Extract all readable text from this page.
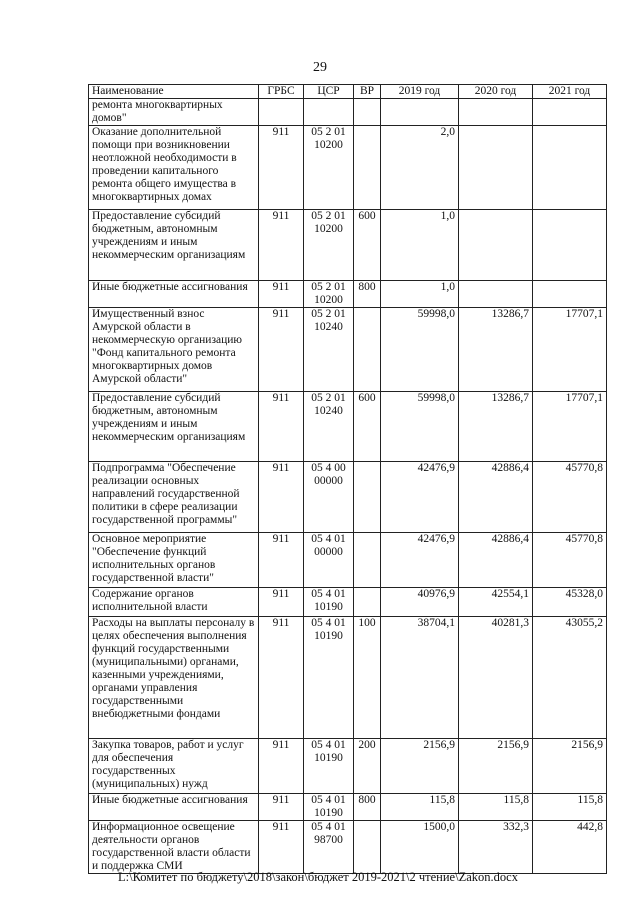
29
Наименование	ГРБС	ЦСР	ВР	2019 год	2020 год	2021 год
ремонта многоквартирных домов"						
Оказание дополнительной помощи при возникновении неотложной необходимости в проведении капитального ремонта общего имущества в многоквартирных домах	911	05 2 01 10200		2,0		
Предоставление субсидий бюджетным, автономным учреждениям и иным некоммерческим организациям	911	05 2 01 10200	600	1,0		
Иные бюджетные ассигнования	911	05 2 01 10200	800	1,0		
Имущественный взнос Амурской области в некоммерческую организацию "Фонд капитального ремонта многоквартирных домов Амурской области"	911	05 2 01 10240		59998,0	13286,7	17707,1
Предоставление субсидий бюджетным, автономным учреждениям и иным некоммерческим организациям	911	05 2 01 10240	600	59998,0	13286,7	17707,1
Подпрограмма "Обеспечение реализации основных направлений государственной политики в сфере реализации государственной программы"	911	05 4 00 00000		42476,9	42886,4	45770,8
Основное мероприятие "Обеспечение функций исполнительных органов государственной власти"	911	05 4 01 00000		42476,9	42886,4	45770,8
Содержание органов исполнительной власти	911	05 4 01 10190		40976,9	42554,1	45328,0
Расходы на выплаты персоналу в целях обеспечения выполнения функций государственными (муниципальными) органами, казенными учреждениями, органами управления государственными внебюджетными фондами	911	05 4 01 10190	100	38704,1	40281,3	43055,2
Закупка товаров, работ и услуг для обеспечения государственных (муниципальных) нужд	911	05 4 01 10190	200	2156,9	2156,9	2156,9
Иные бюджетные ассигнования	911	05 4 01 10190	800	115,8	115,8	115,8
Информационное освещение деятельности органов государственной власти области и поддержка СМИ	911	05 4 01 98700		1500,0	332,3	442,8
L:\Комитет по бюджету\2018\закон\бюджет 2019-2021\2 чтение\Zakon.docx
